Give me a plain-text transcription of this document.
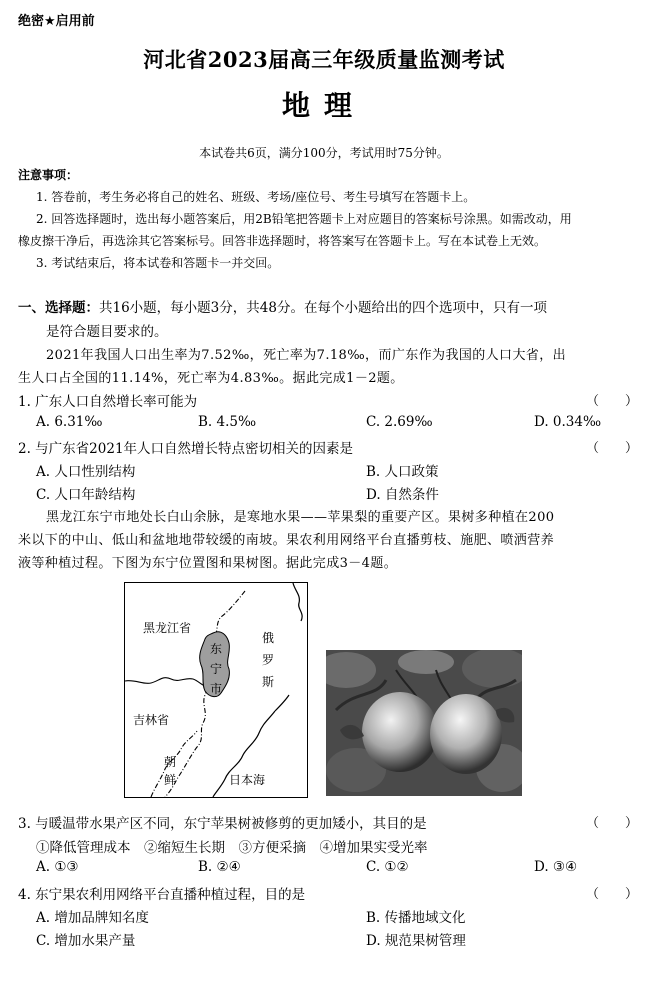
绝密★启用前
河北省2023届高三年级质量监测考试
地理
本试卷共6页，满分100分，考试用时75分钟。
注意事项：
1. 答卷前，考生务必将自己的姓名、班级、考场/座位号、考生号填写在答题卡上。
2. 回答选择题时，选出每小题答案后，用2B铅笔把答题卡上对应题目的答案标号涂黑。如需改动，用
橡皮擦干净后，再选涂其它答案标号。回答非选择题时，将答案写在答题卡上。写在本试卷上无效。
3. 考试结束后，将本试卷和答题卡一并交回。
一、选择题：共16小题，每小题3分，共48分。在每个小题给出的四个选项中，只有一项
是符合题目要求的。
2021年我国人口出生率为7.52‰，死亡率为7.18‰，而广东作为我国的人口大省，出
生人口占全国的11.14%，死亡率为4.83‰。据此完成1－2题。
1. 广东人口自然增长率可能为	（　　）
A. 6.31‰	B. 4.5‰	C. 2.69‰	D. 0.34‰
2. 与广东省2021年人口自然增长特点密切相关的因素是	（　　）
A. 人口性别结构	B. 人口政策
C. 人口年龄结构	D. 自然条件
黑龙江东宁市地处长白山余脉，是寒地水果——苹果梨的重要产区。果树多种植在200
米以下的中山、低山和盆地地带较缓的南坡。果农利用网络平台直播剪枝、施肥、喷洒营养
液等种植过程。下图为东宁位置图和果树图。据此完成3－4题。
黑龙江省
东
宁
市
俄
罗
斯
吉林省
朝
鲜	日本海
3. 与暖温带水果产区不同，东宁苹果树被修剪的更加矮小，其目的是	（　　）
①降低管理成本　②缩短生长期　③方便采摘　④增加果实受光率
A. ①③	B. ②④	C. ①②	D. ③④
4. 东宁果农利用网络平台直播种植过程，目的是	（　　）
A. 增加品牌知名度	B. 传播地域文化
C. 增加水果产量	D. 规范果树管理
